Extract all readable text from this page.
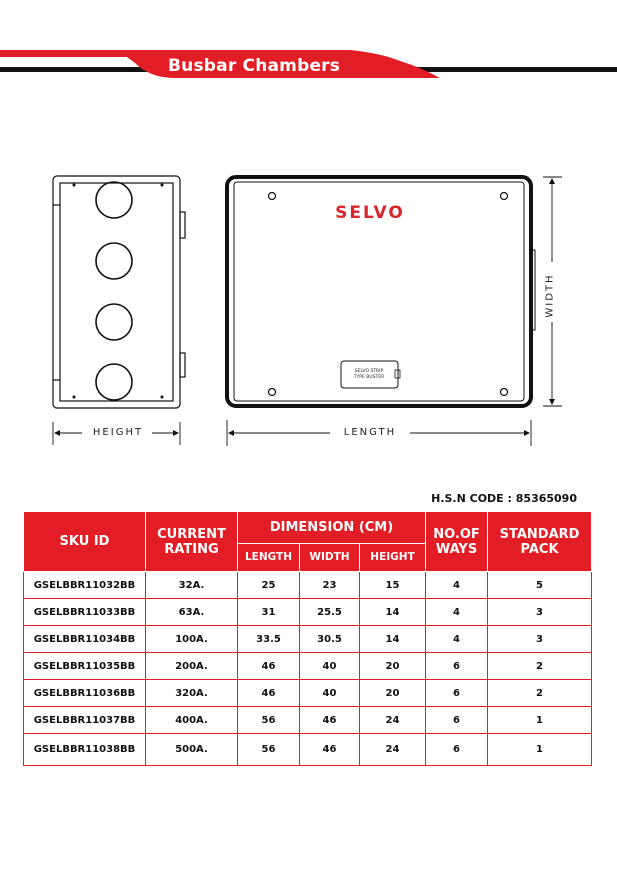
Busbar Chambers
SELVO
SELVO STRIP
TYPE BUSTER
HEIGHT	LENGTH
WIDTH
H.S.N CODE : 85365090
SKU ID	CURRENT RATING	DIMENSION (CM)			NO.OF WAYS	STANDARD PACK
		LENGTH	WIDTH	HEIGHT		
GSELBBR11032BB	32A.	25	23	15	4	5
GSELBBR11033BB	63A.	31	25.5	14	4	3
GSELBBR11034BB	100A.	33.5	30.5	14	4	3
GSELBBR11035BB	200A.	46	40	20	6	2
GSELBBR11036BB	320A.	46	40	20	6	2
GSELBBR11037BB	400A.	56	46	24	6	1
GSELBBR11038BB	500A.	56	46	24	6	1
